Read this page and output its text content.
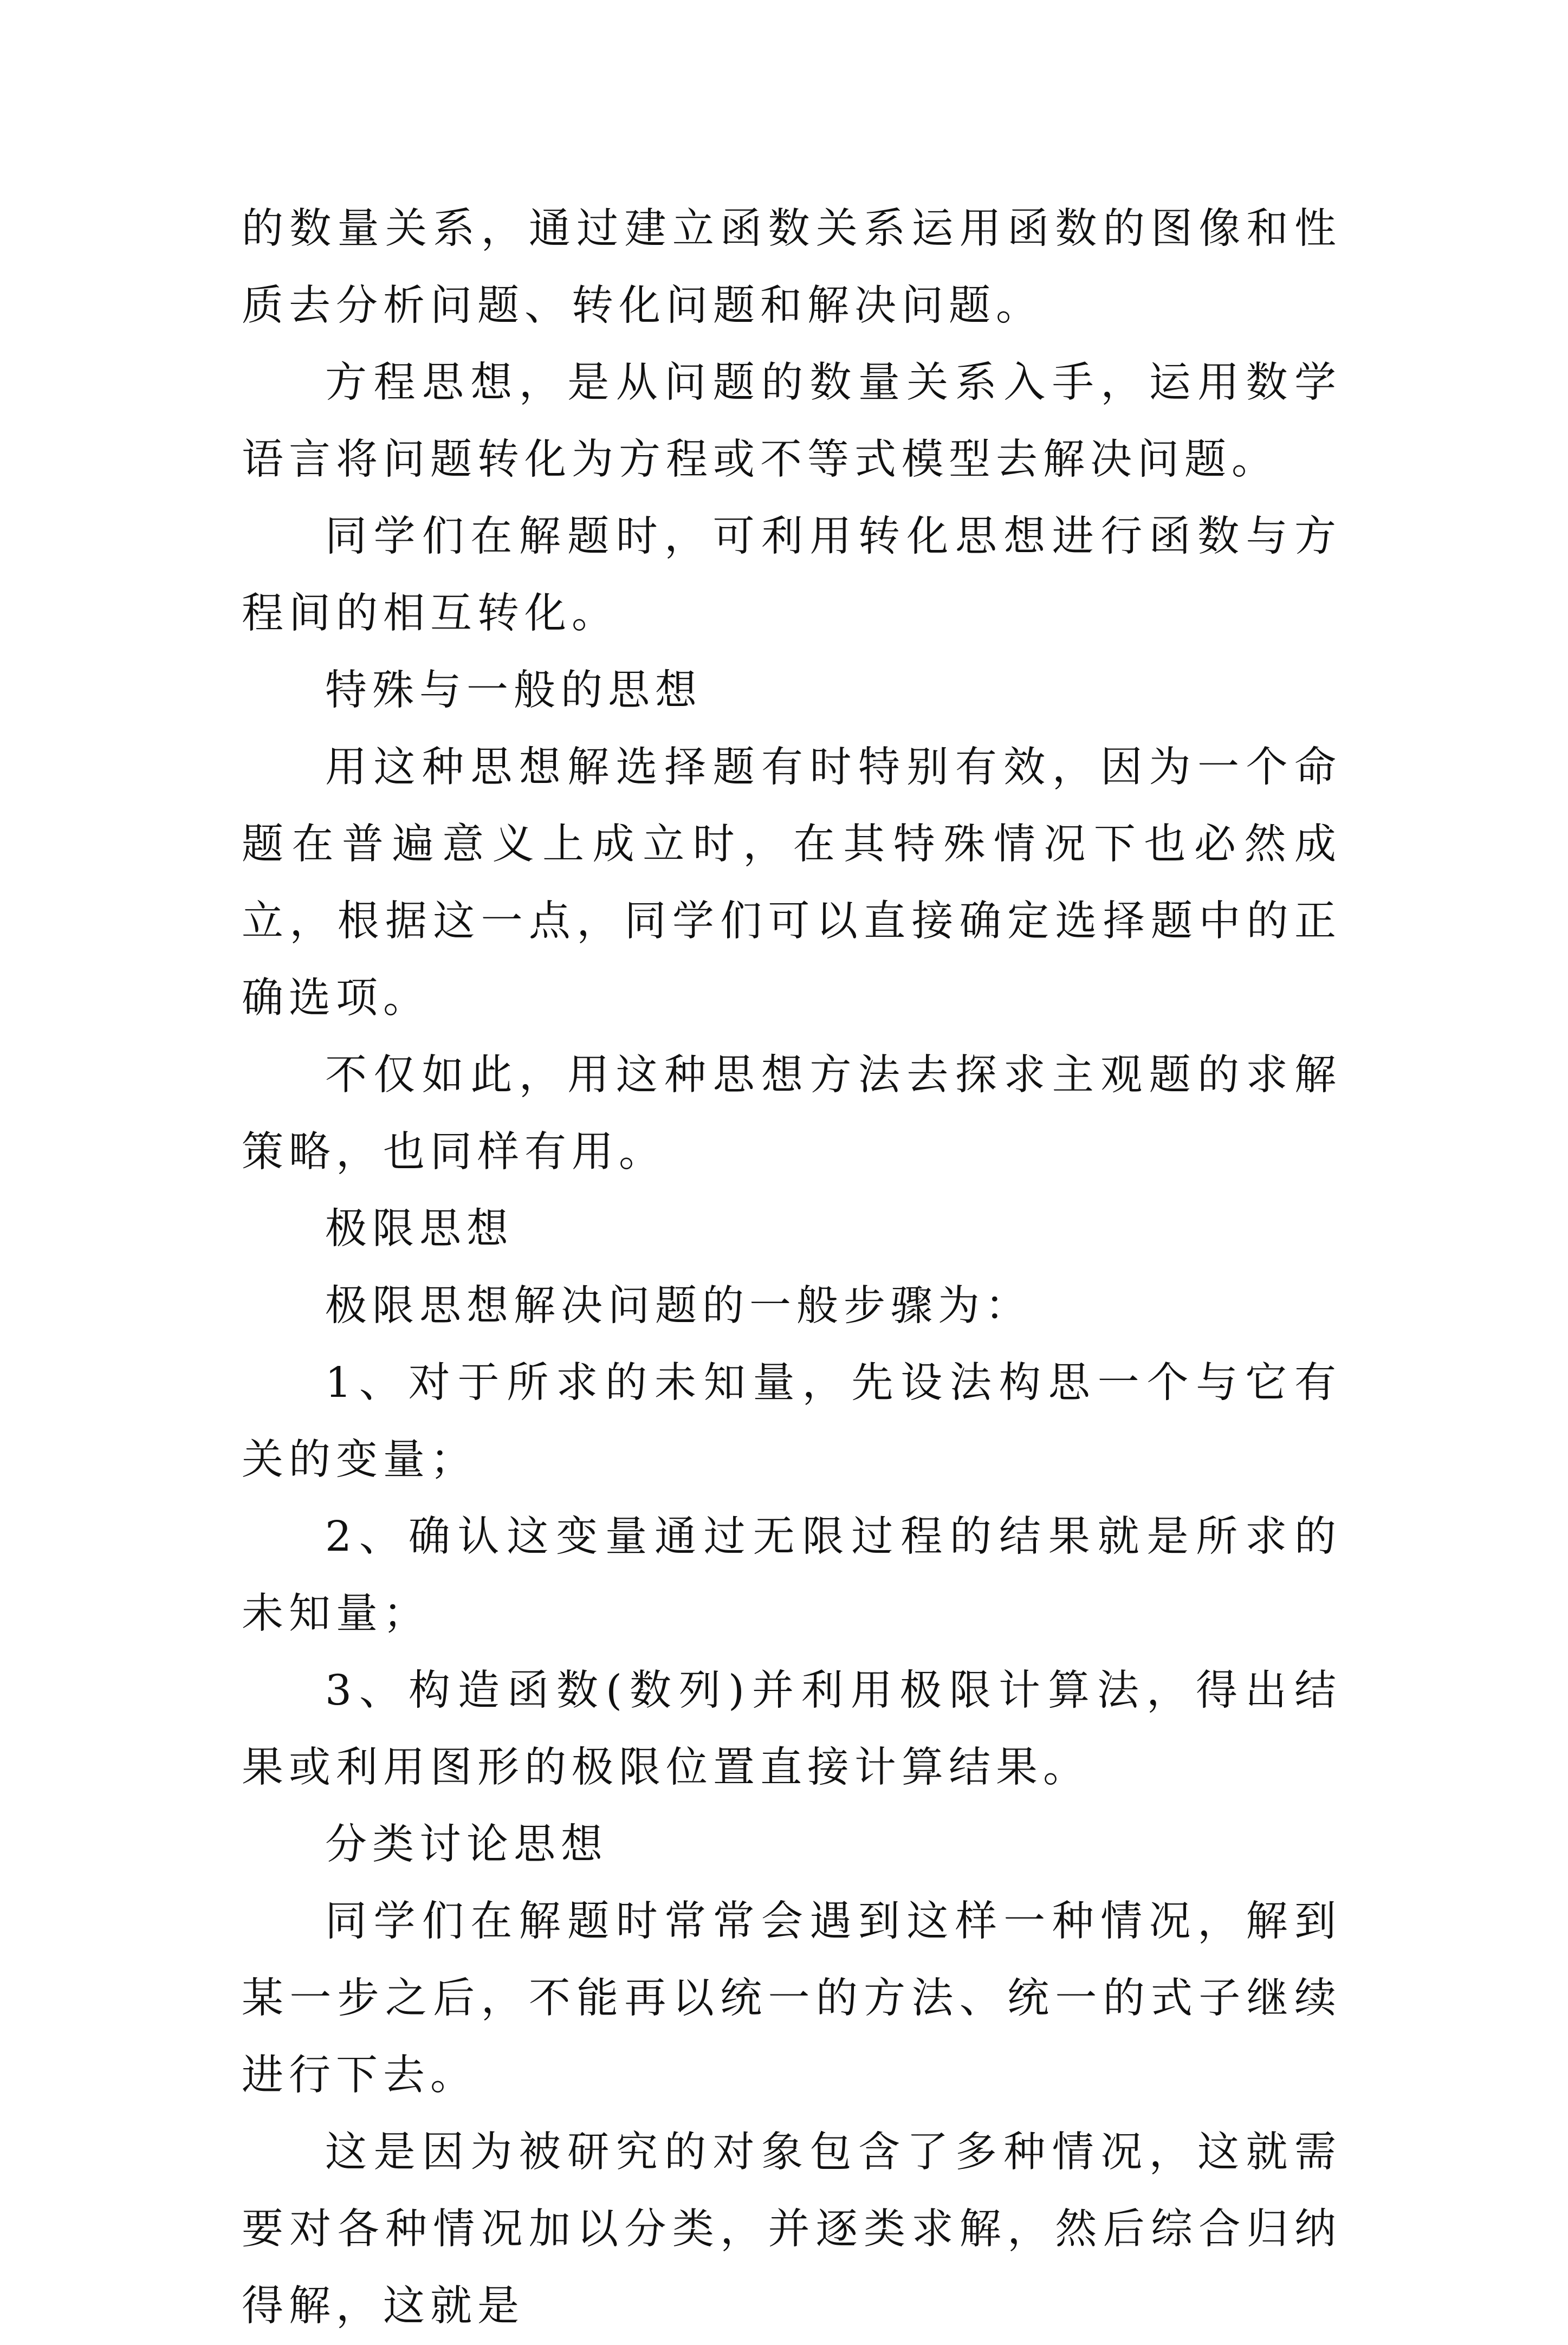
的数量关系，通过建立函数关系运用函数的图像和性质去分析问题、转化问题和解决问题。

方程思想，是从问题的数量关系入手，运用数学语言将问题转化为方程或不等式模型去解决问题。

同学们在解题时，可利用转化思想进行函数与方程间的相互转化。

特殊与一般的思想

用这种思想解选择题有时特别有效，因为一个命题在普遍意义上成立时，在其特殊情况下也必然成立，根据这一点，同学们可以直接确定选择题中的正确选项。

不仅如此，用这种思想方法去探求主观题的求解策略，也同样有用。

极限思想

极限思想解决问题的一般步骤为：

1、对于所求的未知量，先设法构思一个与它有关的变量；

2、确认这变量通过无限过程的结果就是所求的未知量；

3、构造函数(数列)并利用极限计算法，得出结果或利用图形的极限位置直接计算结果。

分类讨论思想

同学们在解题时常常会遇到这样一种情况，解到某一步之后，不能再以统一的方法、统一的式子继续进行下去。

这是因为被研究的对象包含了多种情况，这就需要对各种情况加以分类，并逐类求解，然后综合归纳得解，这就是
